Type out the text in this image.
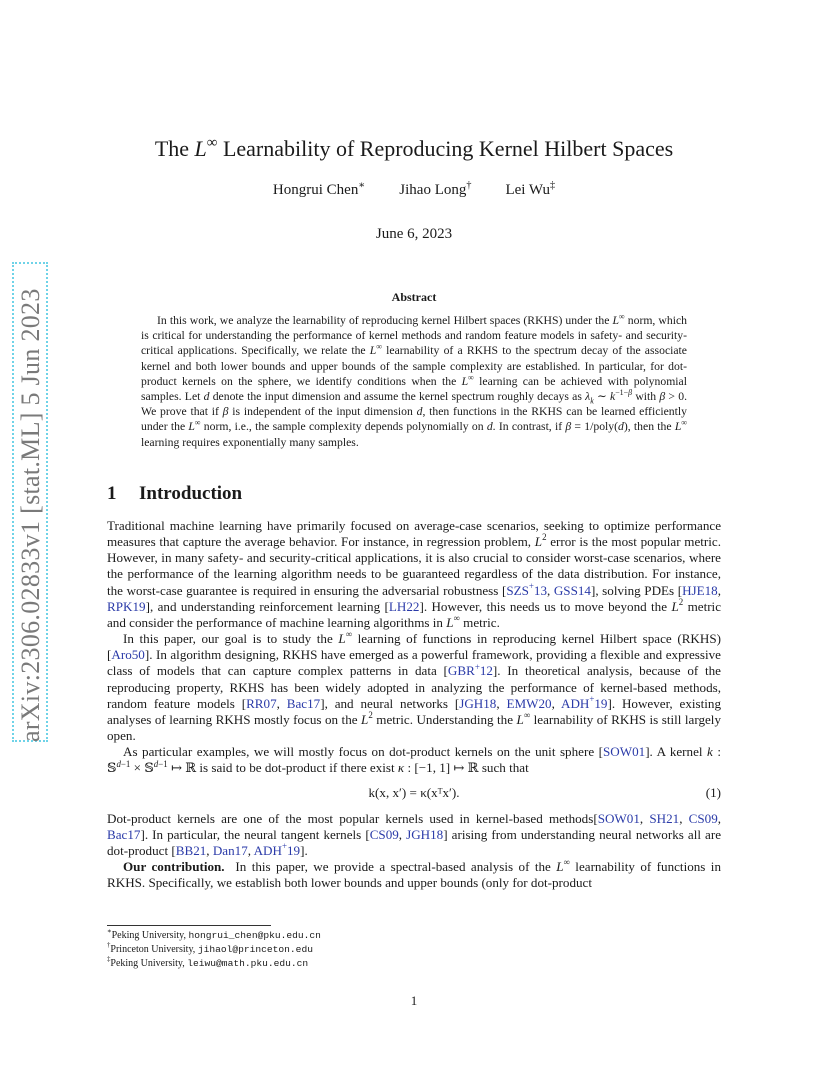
arXiv:2306.02833v1 [stat.ML] 5 Jun 2023
The L∞ Learnability of Reproducing Kernel Hilbert Spaces
Hongrui Chen∗ Jihao Long† Lei Wu‡
June 6, 2023
Abstract

In this work, we analyze the learnability of reproducing kernel Hilbert spaces (RKHS) under the L∞ norm, which is critical for understanding the performance of kernel methods and random feature models in safety- and security-critical applications. Specifically, we relate the L∞ learnability of a RKHS to the spectrum decay of the associate kernel and both lower bounds and upper bounds of the sample complexity are established. In particular, for dot-product kernels on the sphere, we identify conditions when the L∞ learning can be achieved with polynomial samples. Let d denote the input dimension and assume the kernel spectrum roughly decays as $\lambda_k$ ∼ $k^{-1-\beta}$ with β > 0. We prove that if β is independent of the input dimension d, then functions in the RKHS can be learned efficiently under the L∞ norm, i.e., the sample complexity depends polynomially on d. In contrast, if β = 1/poly(d), then the L∞ learning requires exponentially many samples.

1 Introduction

Traditional machine learning have primarily focused on average-case scenarios, seeking to optimize performance measures that capture the average behavior. For instance, in regression problem, $L^2$ error is the most popular metric. However, in many safety- and security-critical applications, it is also crucial to consider worst-case scenarios, where the performance of the learning algorithm needs to be guaranteed regardless of the data distribution. For instance, the worst-case guarantee is required in ensuring the adversarial robustness [SZS+13, GSS14], solving PDEs [HJE18, RPK19], and understanding reinforcement learning [LH22]. However, this needs us to move beyond the $L^2$ metric and consider the performance of machine learning algorithms in L∞ metric.

In this paper, our goal is to study the L∞ learning of functions in reproducing kernel Hilbert space (RKHS) [Aro50]. In algorithm designing, RKHS have emerged as a powerful framework, providing a flexible and expressive class of models that can capture complex patterns in data [GBR+12]. In theoretical analysis, because of the reproducing property, RKHS has been widely adopted in analyzing the performance of kernel-based methods, random feature models [RR07, Bac17], and neural networks [JGH18, EMW20, ADH+19]. However, existing analyses of learning RKHS mostly focus on the $L^2$ metric. Understanding the L∞ learnability of RKHS is still largely open.

As particular examples, we will mostly focus on dot-product kernels on the unit sphere [SOW01]. A kernel k : 𝕊$^{d-1}$ × 𝕊$^{d-1}$ ↦ ℝ is said to be dot-product if there exist κ : [−1, 1] ↦ ℝ such that

k(x, x′) = κ(xᵀx′).	(1)

Dot-product kernels are one of the most popular kernels used in kernel-based methods[SOW01, SH21, CS09, Bac17]. In particular, the neural tangent kernels [CS09, JGH18] arising from understanding neural networks all are dot-product [BB21, Dan17, ADH+19].

Our contribution.  In this paper, we provide a spectral-based analysis of the L∞ learnability of functions in RKHS. Specifically, we establish both lower bounds and upper bounds (only for dot-product

∗Peking University, hongrui_chen@pku.edu.cn
†Princeton University, jihaol@princeton.edu
‡Peking University, leiwu@math.pku.edu.cn
1
